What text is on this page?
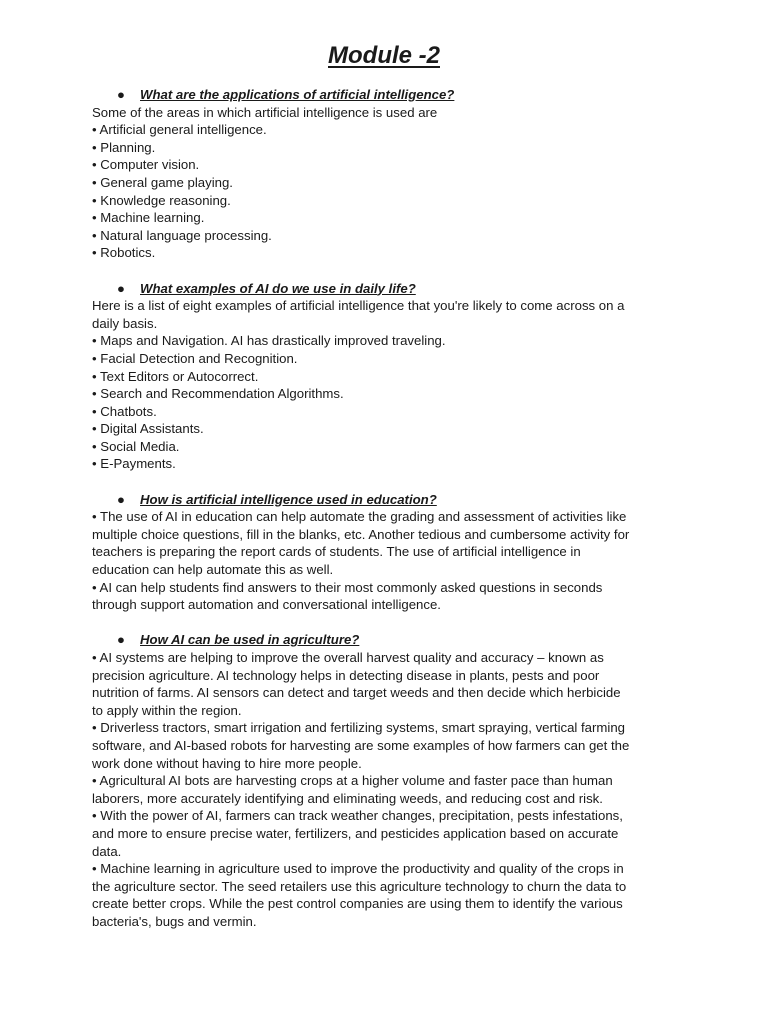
Module -2
● What are the applications of artificial intelligence?
Some of the areas in which artificial intelligence is used are
• Artificial general intelligence.
• Planning.
• Computer vision.
• General game playing.
• Knowledge reasoning.
• Machine learning.
• Natural language processing.
• Robotics.
● What examples of AI do we use in daily life?
Here is a list of eight examples of artificial intelligence that you're likely to come across on a
daily basis.
• Maps and Navigation. AI has drastically improved traveling.
• Facial Detection and Recognition.
• Text Editors or Autocorrect.
• Search and Recommendation Algorithms.
• Chatbots.
• Digital Assistants.
• Social Media.
• E-Payments.
● How is artificial intelligence used in education?
• The use of AI in education can help automate the grading and assessment of activities like
multiple choice questions, fill in the blanks, etc. Another tedious and cumbersome activity for
teachers is preparing the report cards of students. The use of artificial intelligence in
education can help automate this as well.
• AI can help students find answers to their most commonly asked questions in seconds
through support automation and conversational intelligence.
● How AI can be used in agriculture?
• AI systems are helping to improve the overall harvest quality and accuracy – known as
precision agriculture. AI technology helps in detecting disease in plants, pests and poor
nutrition of farms. AI sensors can detect and target weeds and then decide which herbicide
to apply within the region.
• Driverless tractors, smart irrigation and fertilizing systems, smart spraying, vertical farming
software, and AI-based robots for harvesting are some examples of how farmers can get the
work done without having to hire more people.
• Agricultural AI bots are harvesting crops at a higher volume and faster pace than human
laborers, more accurately identifying and eliminating weeds, and reducing cost and risk.
• With the power of AI, farmers can track weather changes, precipitation, pests infestations,
and more to ensure precise water, fertilizers, and pesticides application based on accurate
data.
• Machine learning in agriculture used to improve the productivity and quality of the crops in
the agriculture sector. The seed retailers use this agriculture technology to churn the data to
create better crops. While the pest control companies are using them to identify the various
bacteria's, bugs and vermin.
